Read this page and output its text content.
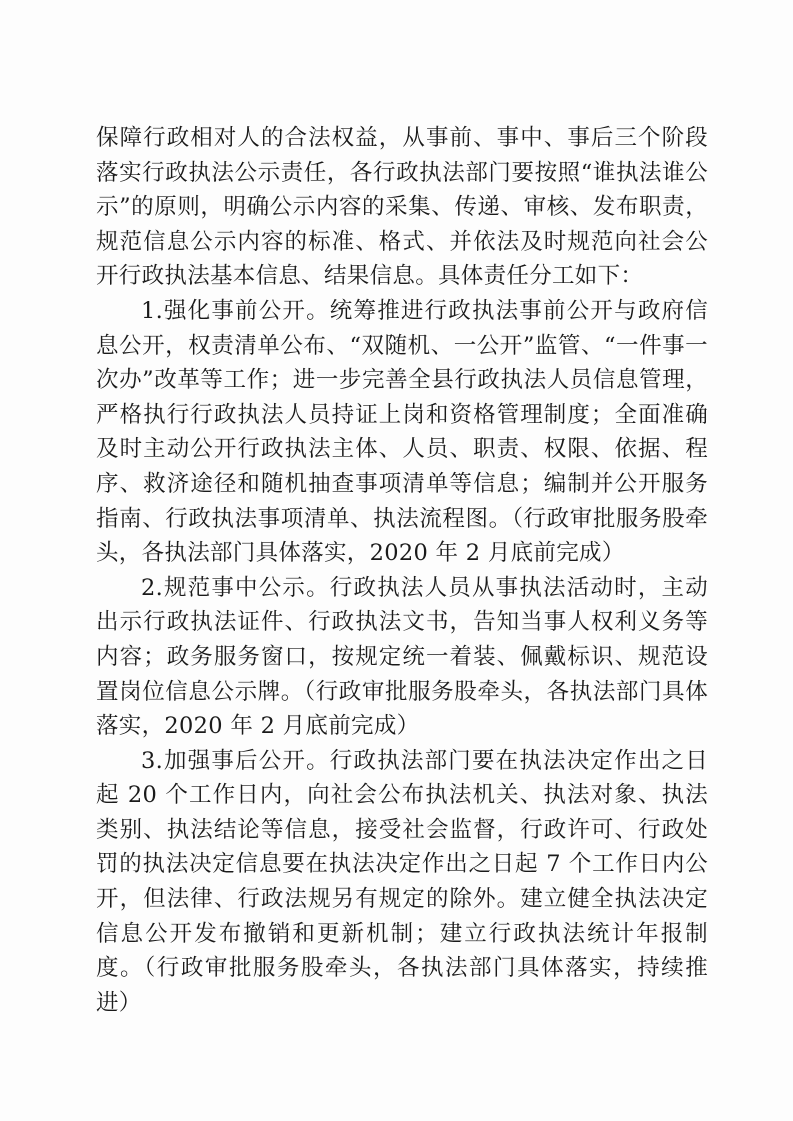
保障行政相对人的合法权益，从事前、事中、事后三个阶段落实行政执法公示责任，各行政执法部门要按照“谁执法谁公示”的原则，明确公示内容的采集、传递、审核、发布职责，规范信息公示内容的标准、格式、并依法及时规范向社会公开行政执法基本信息、结果信息。具体责任分工如下：

1.强化事前公开。统筹推进行政执法事前公开与政府信息公开，权责清单公布、“双随机、一公开”监管、“一件事一次办”改革等工作；进一步完善全县行政执法人员信息管理，严格执行行政执法人员持证上岗和资格管理制度；全面准确及时主动公开行政执法主体、人员、职责、权限、依据、程序、救济途径和随机抽查事项清单等信息；编制并公开服务指南、行政执法事项清单、执法流程图。（行政审批服务股牵头，各执法部门具体落实，2020 年 2 月底前完成）

2.规范事中公示。行政执法人员从事执法活动时，主动出示行政执法证件、行政执法文书，告知当事人权利义务等内容；政务服务窗口，按规定统一着装、佩戴标识、规范设置岗位信息公示牌。（行政审批服务股牵头，各执法部门具体落实，2020 年 2 月底前完成）

3.加强事后公开。行政执法部门要在执法决定作出之日起 20 个工作日内，向社会公布执法机关、执法对象、执法类别、执法结论等信息，接受社会监督，行政许可、行政处罚的执法决定信息要在执法决定作出之日起 7 个工作日内公开，但法律、行政法规另有规定的除外。建立健全执法决定信息公开发布撤销和更新机制；建立行政执法统计年报制度。（行政审批服务股牵头，各执法部门具体落实，持续推进）
